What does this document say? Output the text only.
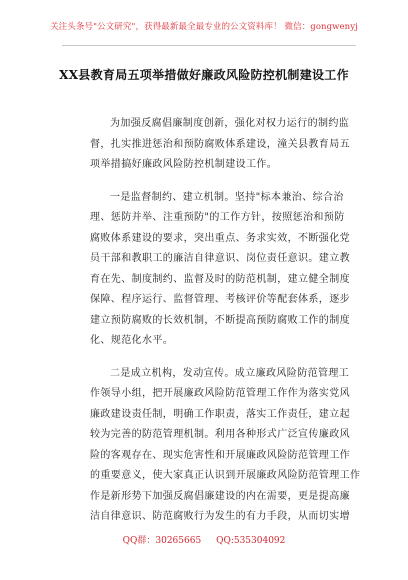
关注头条号"公文研究"，获得最新最全最专业的公文资料库！ 微信：gongwenyj
XX县教育局五项举措做好廉政风险防控机制建设工作
为加强反腐倡廉制度创新，强化对权力运行的制约监
督，扎实推进惩治和预防腐败体系建设，潼关县教育局五
项举措搞好廉政风险防控机制建设工作。
一是监督制约、建立机制。坚持"标本兼治、综合治
理、惩防并举、注重预防"的工作方针，按照惩治和预防
腐败体系建设的要求，突出重点、务求实效，不断强化党
员干部和教职工的廉洁自律意识、岗位责任意识。建立教
育在先、制度制约、监督及时的防范机制，建立健全制度
保障、程序运行、监督管理、考核评价等配套体系，逐步
建立预防腐败的长效机制，不断提高预防腐败工作的制度
化、规范化水平。
二是成立机构，发动宣传。成立廉政风险防范管理工
作领导小组，把开展廉政风险防范管理工作作为落实党风
廉政建设责任制，明确工作职责，落实工作责任，建立起
较为完善的防范管理机制。利用各种形式广泛宣传廉政风
险的客观存在、现实危害性和开展廉政风险防范管理工作
的重要意义，使大家真正认识到开展廉政风险防范管理工作
作是新形势下加强反腐倡廉建设的内在需要，更是提高廉
洁自律意识、防范腐败行为发生的有力手段，从而切实增
QQ群：30265665 QQ:535304092
